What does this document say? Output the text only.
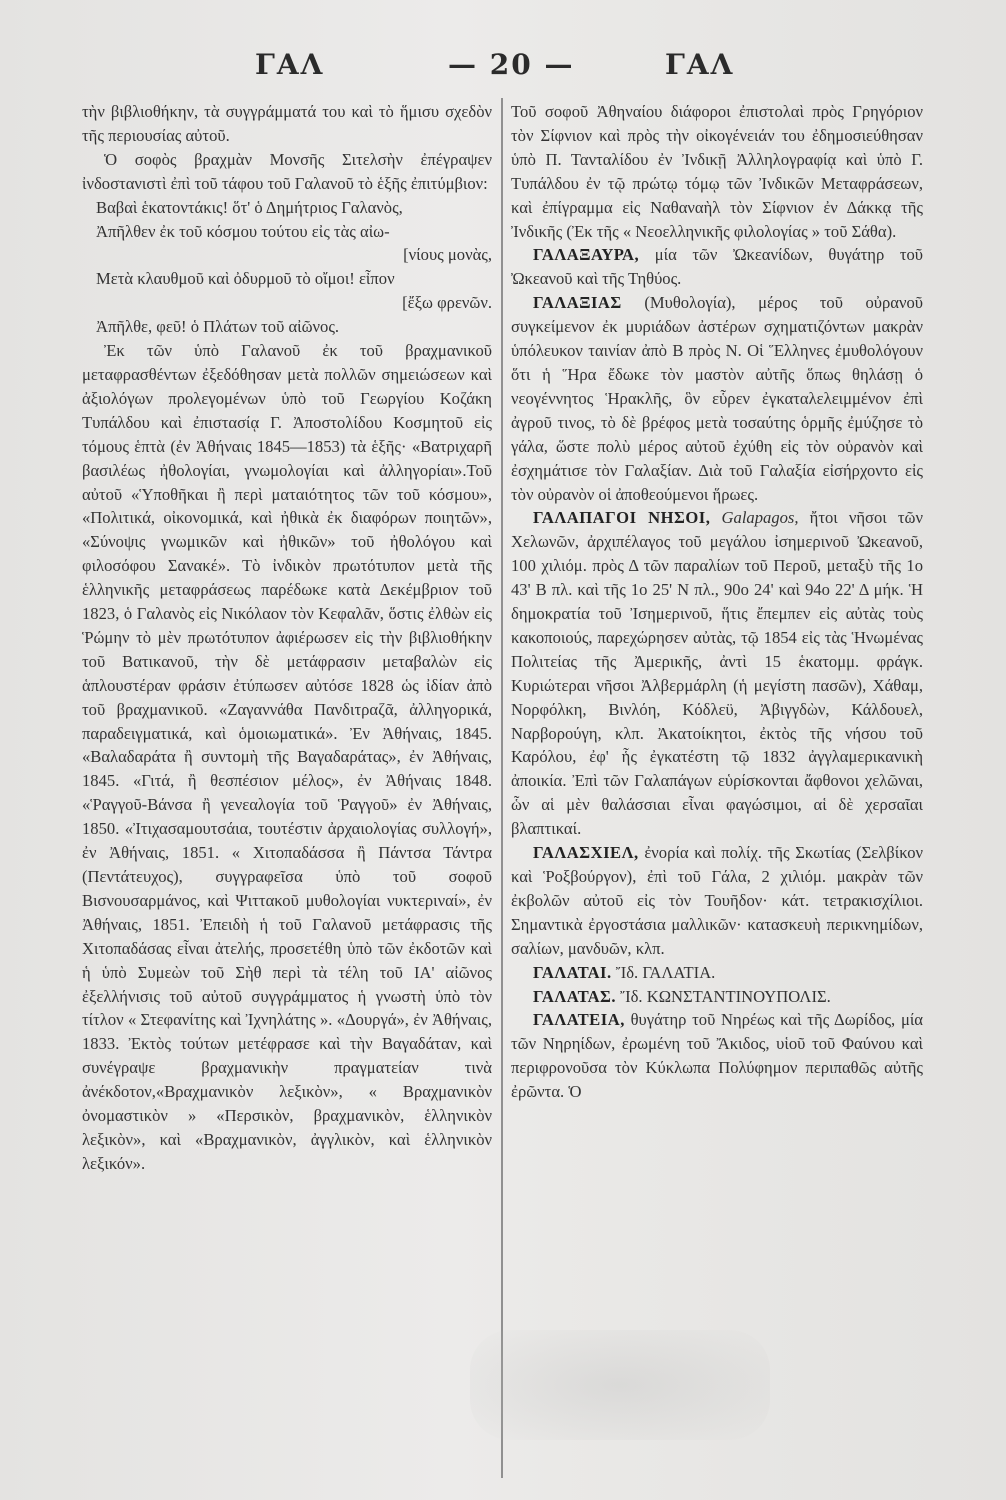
ΓΑΛ	— 20 —	ΓΑΛ

τὴν βιβλιοθήκην, τὰ συγγράμματά του καὶ τὸ ἥμισυ σχεδὸν τῆς περιουσίας αὐτοῦ.

Ὁ σοφὸς βραχμὰν Μονσῆς Σιτελσὴν ἐπέγραψεν ἰνδοστανιστὶ ἐπὶ τοῦ τάφου τοῦ Γαλανοῦ τὸ ἑξῆς ἐπιτύμβιον:

Βαβαὶ ἑκατοντάκις! ὅτ' ὁ Δημήτριος Γαλανὸς,

Ἀπῆλθεν ἐκ τοῦ κόσμου τούτου εἰς τὰς αἰω-

[νίους μονὰς,

Μετὰ κλαυθμοῦ καὶ ὀδυρμοῦ τὸ οἴμοι! εἶπον

[ἔξω φρενῶν.

Ἀπῆλθε, φεῦ! ὁ Πλάτων τοῦ αἰῶνος.

Ἐκ τῶν ὑπὸ Γαλανοῦ ἐκ τοῦ βραχμανικοῦ μεταφρασθέντων ἐξεδόθησαν μετὰ πολλῶν σημειώσεων καὶ ἀξιολόγων προλεγομένων ὑπὸ τοῦ Γεωργίου Κοζάκη Τυπάλδου καὶ ἐπιστασίᾳ Γ. Ἀποστολίδου Κοσμητοῦ εἰς τόμους ἑπτὰ (ἐν Ἀθήναις 1845—1853) τὰ ἑξῆς· «Βατριχαρῆ βασιλέως ἠθολογίαι, γνωμολογίαι καὶ ἀλληγορίαι».Τοῦ αὐτοῦ «Ὑποθῆκαι ἢ περὶ ματαιότητος τῶν τοῦ κόσμου», «Πολιτικά, οἰκονομικά, καὶ ἠθικὰ ἐκ διαφόρων ποιητῶν», «Σύνοψις γνωμικῶν καὶ ἠθικῶν» τοῦ ἠθολόγου καὶ φιλοσόφου Σανακέ». Τὸ ἰνδικὸν πρωτότυπον μετὰ τῆς ἑλληνικῆς μεταφράσεως παρέδωκε κατὰ Δεκέμβριον τοῦ 1823, ὁ Γαλανὸς εἰς Νικόλαον τὸν Κεφαλᾶν, ὅστις ἐλθὼν εἰς Ῥώμην τὸ μὲν πρωτότυπον ἀφιέρωσεν εἰς τὴν βιβλιοθήκην τοῦ Βατικανοῦ, τὴν δὲ μετάφρασιν μεταβαλὼν εἰς ἁπλουστέραν φράσιν ἐτύπωσεν αὐτόσε 1828 ὡς ἰδίαν ἀπὸ τοῦ βραχμανικοῦ. «Ζαγαννάθα Πανδιτραζᾶ, ἀλληγορικά, παραδειγματικά, καὶ ὁμοιωματικά». Ἐν Ἀθήναις, 1845. «Βαλαδαράτα ἢ συντομὴ τῆς Βαγαδαράτας», ἐν Ἀθήναις, 1845. «Γιτά, ἢ θεσπέσιον μέλος», ἐν Ἀθήναις 1848. «Ῥαγγοῦ-Βάνσα ἢ γενεαλογία τοῦ Ῥαγγοῦ» ἐν Ἀθήναις, 1850. «Ἰτιχασαμουτσάια, τουτέστιν ἀρχαιολογίας συλλογή», ἐν Ἀθήναις, 1851. « Χιτοπαδάσσα ἢ Πάντσα Τάντρα (Πεντάτευχος), συγγραφεῖσα ὑπὸ τοῦ σοφοῦ Βισνουσαρμάνος, καὶ Ψιττακοῦ μυθολογίαι νυκτεριναί», ἐν Ἀθήναις, 1851. Ἐπειδὴ ἡ τοῦ Γαλανοῦ μετάφρασις τῆς Χιτοπαδάσας εἶναι ἀτελής, προσετέθη ὑπὸ τῶν ἐκδοτῶν καὶ ἡ ὑπὸ Συμεὼν τοῦ Σὴθ περὶ τὰ τέλη τοῦ ΙΑ' αἰῶνος ἐξελλήνισις τοῦ αὐτοῦ συγγράμματος ἡ γνωστὴ ὑπὸ τὸν τίτλον « Στεφανίτης καὶ Ἰχνηλάτης ». «Δουργά», ἐν Ἀθήναις, 1833. Ἐκτὸς τούτων μετέφρασε καὶ τὴν Βαγαδάταν, καὶ συνέγραψε βραχμανικὴν πραγματείαν τινὰ ἀνέκδοτον,«Βραχμανικὸν λεξικὸν», « Βραχμανικὸν ὀνομαστικὸν » «Περσικὸν, βραχμανικὸν, ἑλληνικὸν λεξικὸν», καὶ «Βραχμανικὸν, ἀγγλικὸν, καὶ ἑλληνικὸν λεξικόν».

Τοῦ σοφοῦ Ἀθηναίου διάφοροι ἐπιστολαὶ πρὸς Γρηγόριον τὸν Σίφνιον καὶ πρὸς τὴν οἰκογένειάν του ἐδημοσιεύθησαν ὑπὸ Π. Τανταλίδου ἐν Ἰνδικῇ Ἀλληλογραφίᾳ καὶ ὑπὸ Γ. Τυπάλδου ἐν τῷ πρώτῳ τόμῳ τῶν Ἰνδικῶν Μεταφράσεων, καὶ ἐπίγραμμα εἰς Ναθαναὴλ τὸν Σίφνιον ἐν Δάκκᾳ τῆς Ἰνδικῆς (Ἐκ τῆς « Νεοελληνικῆς φιλολογίας » τοῦ Σάθα).

ΓΑΛΑΞΑΥΡΑ, μία τῶν Ὠκεανίδων, θυγάτηρ τοῦ Ὠκεανοῦ καὶ τῆς Τηθύος.

ΓΑΛΑΞΙΑΣ (Μυθολογία), μέρος τοῦ οὐρανοῦ συγκείμενον ἐκ μυριάδων ἀστέρων σχηματιζόντων μακρὰν ὑπόλευκον ταινίαν ἀπὸ Β πρὸς Ν. Οἱ Ἕλληνες ἐμυθολόγουν ὅτι ἡ Ἥρα ἔδωκε τὸν μαστὸν αὐτῆς ὅπως θηλάσῃ ὁ νεογέννητος Ἡρακλῆς, ὃν εὗρεν ἐγκαταλελειμμένον ἐπὶ ἀγροῦ τινος, τὸ δὲ βρέφος μετὰ τοσαύτης ὁρμῆς ἐμύζησε τὸ γάλα, ὥστε πολὺ μέρος αὐτοῦ ἐχύθη εἰς τὸν οὐρανὸν καὶ ἐσχημάτισε τὸν Γαλαξίαν. Διὰ τοῦ Γαλαξία εἰσήρχοντο εἰς τὸν οὐρανὸν οἱ ἀποθεούμενοι ἥρωες.

ΓΑΛΑΠΑΓΟΙ ΝΗΣΟΙ, Galapagos, ἤτοι νῆσοι τῶν Χελωνῶν, ἀρχιπέλαγος τοῦ μεγάλου ἰσημερινοῦ Ὠκεανοῦ, 100 χιλιόμ. πρὸς Δ τῶν παραλίων τοῦ Περοῦ, μεταξὺ τῆς 1ο 43' Β πλ. καὶ τῆς 1ο 25' Ν πλ., 90ο 24' καὶ 94ο 22' Δ μήκ. Ἡ δημοκρατία τοῦ Ἰσημερινοῦ, ἥτις ἔπεμπεν εἰς αὐτὰς τοὺς κακοποιούς, παρεχώρησεν αὐτὰς, τῷ 1854 εἰς τὰς Ἡνωμένας Πολιτείας τῆς Ἀμερικῆς, ἀντὶ 15 ἑκατομμ. φράγκ. Κυριώτεραι νῆσοι Ἀλβερμάρλη (ἡ μεγίστη πασῶν), Χάθαμ, Νορφόλκη, Βινλόη, Κόδλεϋ, Ἀβιγγδὼν, Κάλδουελ, Ναρβορούγη, κλπ. Ἀκατοίκητοι, ἐκτὸς τῆς νήσου τοῦ Καρόλου, ἐφ' ἧς ἐγκατέστη τῷ 1832 ἀγγλαμερικανικὴ ἀποικία. Ἐπὶ τῶν Γαλαπάγων εὑρίσκονται ἄφθονοι χελῶναι, ὧν αἱ μὲν θαλάσσιαι εἶναι φαγώσιμοι, αἱ δὲ χερσαῖαι βλαπτικαί.

ΓΑΛΑΣΧΙΕΛ, ἐνορία καὶ πολίχ. τῆς Σκωτίας (Σελβίκον καὶ Ῥοξβούργον), ἐπὶ τοῦ Γάλα, 2 χιλιόμ. μακρὰν τῶν ἐκβολῶν αὐτοῦ εἰς τὸν Τουῆδον· κάτ. τετρακισχίλιοι. Σημαντικὰ ἐργοστάσια μαλλικῶν· κατασκευὴ περικνημίδων, σαλίων, μανδυῶν, κλπ.

ΓΑΛΑΤΑΙ. Ἴδ. ΓΑΛΑΤΙΑ.

ΓΑΛΑΤΑΣ. Ἴδ. ΚΩΝΣΤΑΝΤΙΝΟΥΠΟΛΙΣ.

ΓΑΛΑΤΕΙΑ, θυγάτηρ τοῦ Νηρέως καὶ τῆς Δωρίδος, μία τῶν Νηρηίδων, ἐρωμένη τοῦ Ἄκιδος, υἱοῦ τοῦ Φαύνου καὶ περιφρονοῦσα τὸν Κύκλωπα Πολύφημον περιπαθῶς αὐτῆς ἐρῶντα. Ὁ
